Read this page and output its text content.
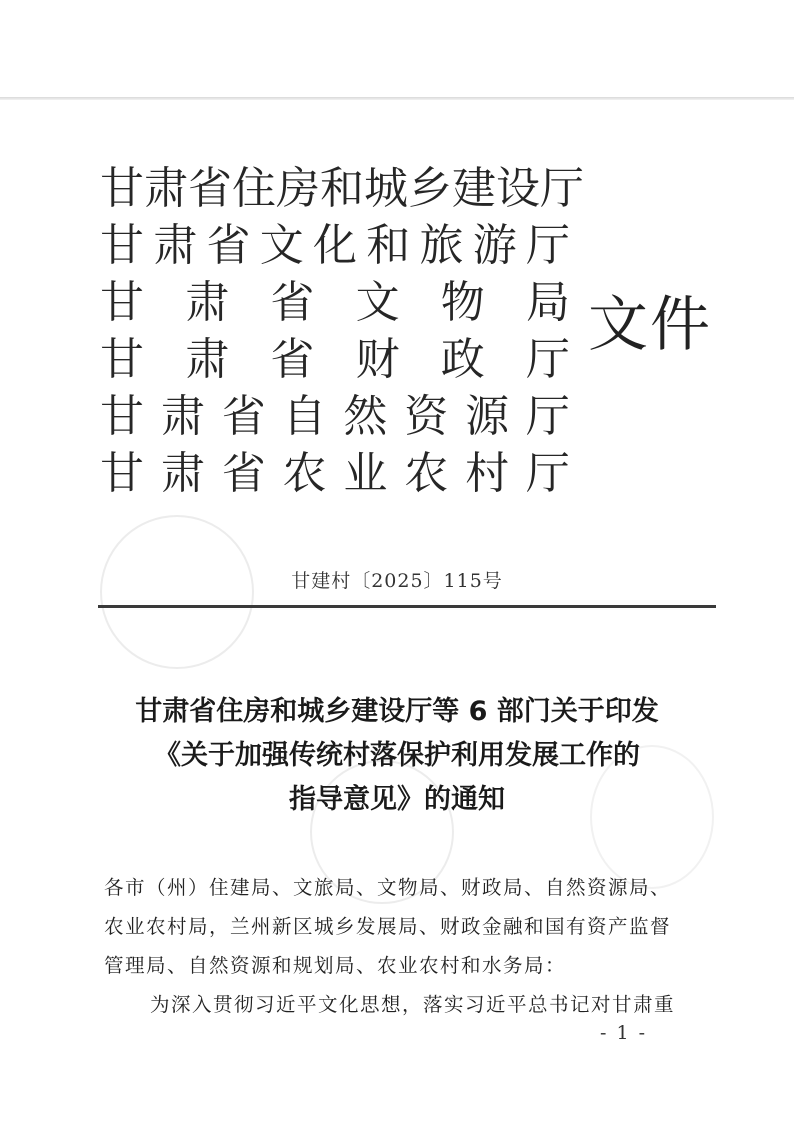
甘 肃 省 住 房 和 城 乡 建 设 厅
甘 肃 省 文 化 和 旅 游 厅
甘 肃 省 文 物 局
甘 肃 省 财 政 厅
甘 肃 省 自 然 资 源 厅
甘 肃 省 农 业 农 村 厅
文件
甘建村〔2025〕115号
甘肃省住房和城乡建设厅等 6 部门关于印发
《关于加强传统村落保护利用发展工作的
指导意见》的通知
各市（州）住建局、文旅局、文物局、财政局、自然资源局、
农业农村局，兰州新区城乡发展局、财政金融和国有资产监督
管理局、自然资源和规划局、农业农村和水务局：
为深入贯彻习近平文化思想，落实习近平总书记对甘肃重
- 1 -
